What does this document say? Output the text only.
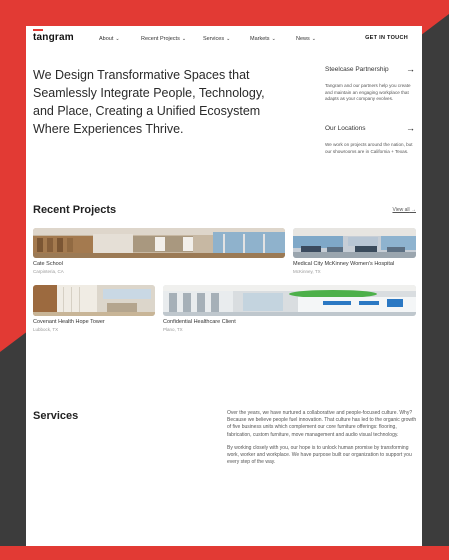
tangram	About ⌄	Recent Projects ⌄	Services ⌄	Markets ⌄	News ⌄	GET IN TOUCH
We Design Transformative Spaces that Seamlessly Integrate People, Technology, and Place, Creating a Unified Ecosystem Where Experiences Thrive.
Steelcase Partnership →
Tangram and our partners help you create and maintain an engaging workplace that adapts as your company evolves.
Our Locations	→
We work on projects around the nation, but our showrooms are in California + Texas.
Recent Projects	View all →
Cate School
Carpinteria, CA
Medical City McKinney Women's Hospital
McKinney, TX
Covenant Health Hope Tower
Lubbock, TX
Confidential Healthcare Client
Plano, TX
Services	Over the years, we have nurtured a collaborative and people-focused culture. Why? Because we believe people fuel innovation. That culture has led to the organic growth of five business units which complement our core furniture offerings: flooring, fabrication, custom furniture, move management and audio visual technology.

By working closely with you, our hope is to unlock human promise by transforming work, worker and workplace. We have purpose built our organization to support you every step of the way.
